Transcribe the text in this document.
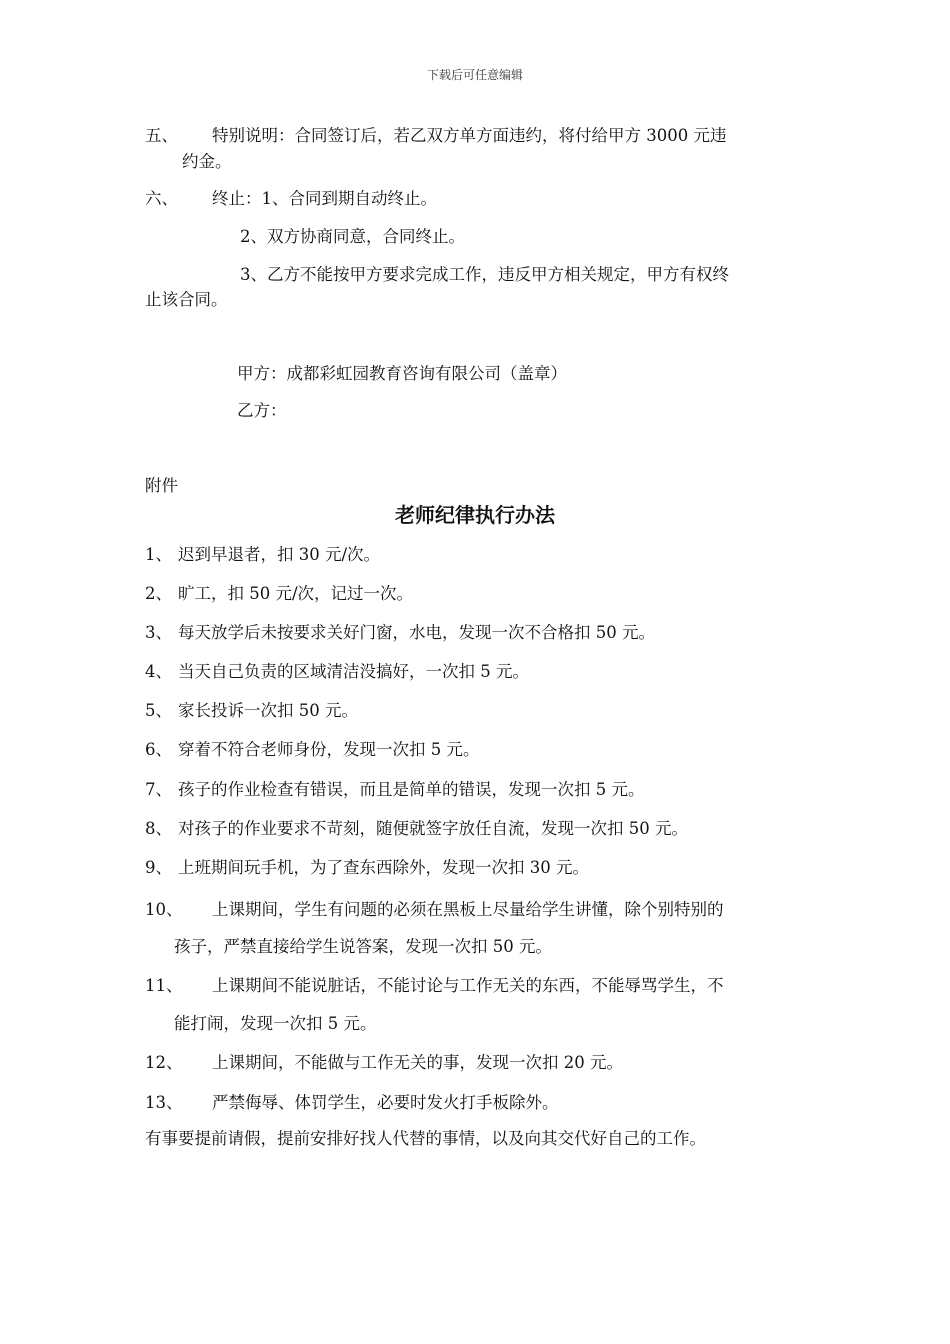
下载后可任意编辑
五、 特别说明：合同签订后，若乙双方单方面违约，将付给甲方 3000 元违
约金。
六、 终止：1、合同到期自动终止。
2、双方协商同意，合同终止。
3、乙方不能按甲方要求完成工作，违反甲方相关规定，甲方有权终
止该合同。
甲方：成都彩虹园教育咨询有限公司（盖章）
乙方：
附件
老师纪律执行办法
1、 迟到早退者，扣 30 元/次。
2、 旷工，扣 50 元/次，记过一次。
3、 每天放学后未按要求关好门窗，水电，发现一次不合格扣 50 元。
4、 当天自己负责的区域清洁没搞好，一次扣 5 元。
5、 家长投诉一次扣 50 元。
6、 穿着不符合老师身份，发现一次扣 5 元。
7、 孩子的作业检查有错误，而且是简单的错误，发现一次扣 5 元。
8、 对孩子的作业要求不苛刻，随便就签字放任自流，发现一次扣 50 元。
9、 上班期间玩手机，为了查东西除外，发现一次扣 30 元。
10、 上课期间，学生有问题的必须在黑板上尽量给学生讲懂，除个别特别的
孩子，严禁直接给学生说答案，发现一次扣 50 元。
11、 上课期间不能说脏话，不能讨论与工作无关的东西，不能辱骂学生，不
能打闹，发现一次扣 5 元。
12、 上课期间，不能做与工作无关的事，发现一次扣 20 元。
13、 严禁侮辱、体罚学生，必要时发火打手板除外。
有事要提前请假，提前安排好找人代替的事情，以及向其交代好自己的工作。
